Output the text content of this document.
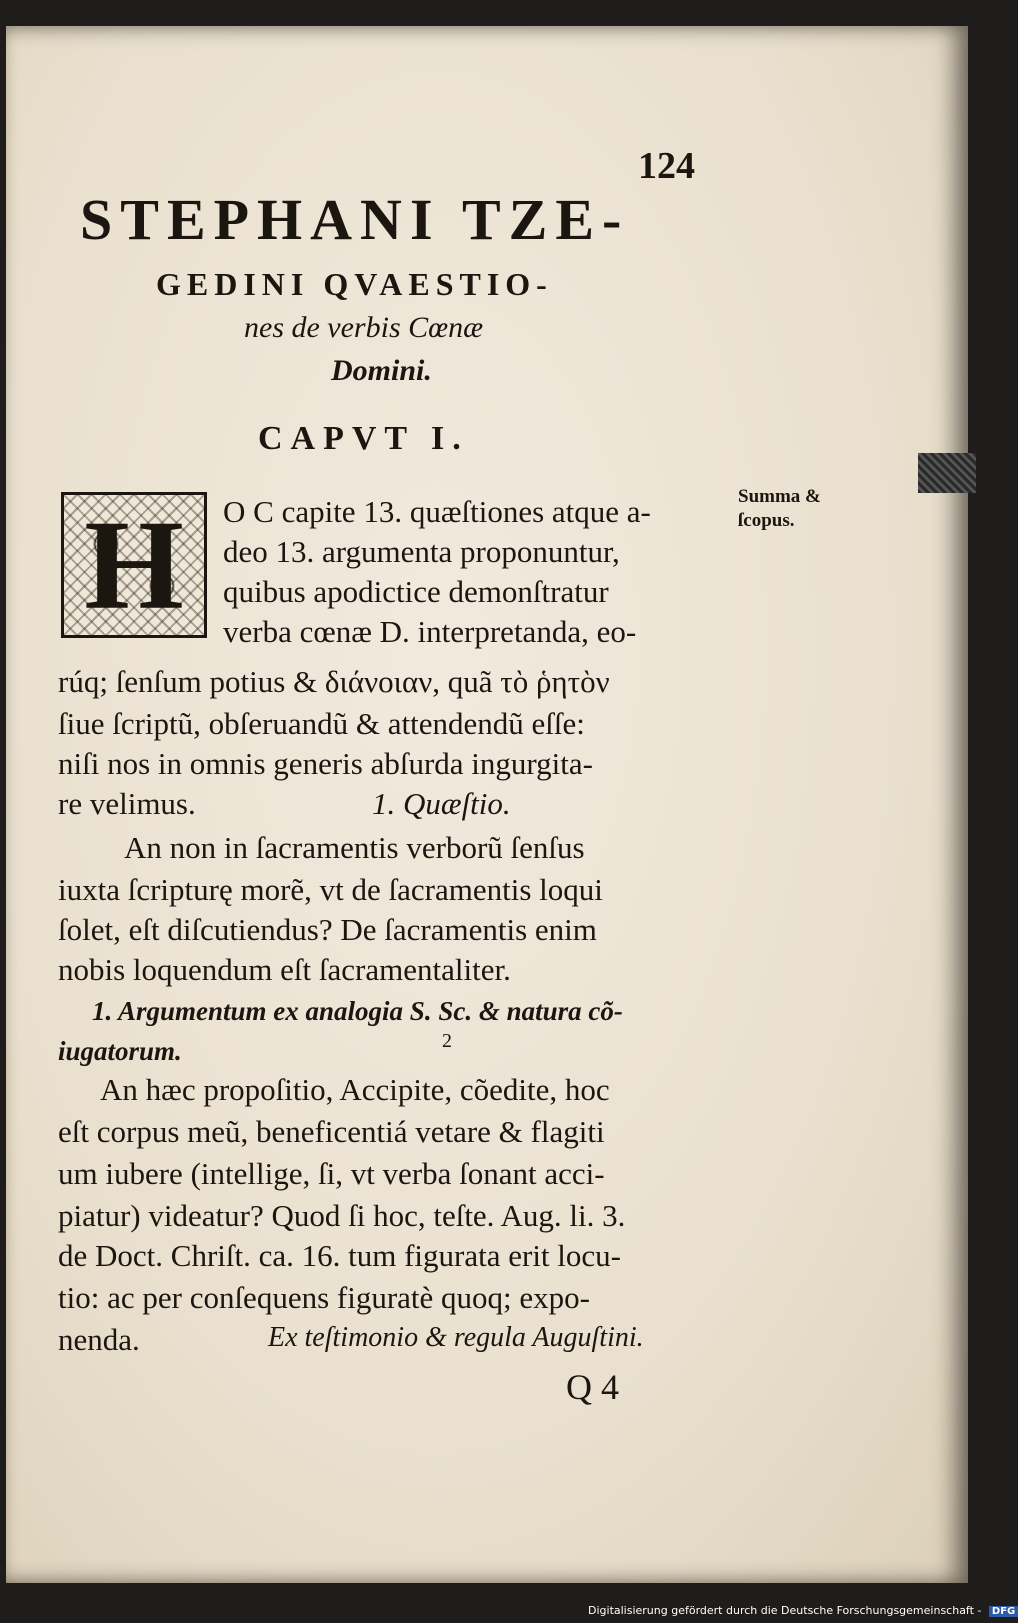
124

STEPHANI TZE-

GEDINI QVAESTIO-

nes de verbis Cœnæ

Domini.

CAPVT I.

H	O C capite 13. quæſtiones atque a-

deo 13. argumenta proponuntur,

quibus apodictice demonſtratur

verba cœnæ D. interpretanda, eo-

Summa &

ſcopus.

rúq; ſenſum potius & διάνοιαν, quã τὸ ῥητὸν

ſiue ſcriptũ, obſeruandũ & attendendũ eſſe:

niſi nos in omnis generis abſurda ingurgita-

re velimus.	1. Quæſtio.

An non in ſacramentis verborũ ſenſus

iuxta ſcripturę morẽ, vt de ſacramentis loqui

ſolet, eſt diſcutiendus? De ſacramentis enim

nobis loquendum eſt ſacramentaliter.

1. Argumentum ex analogia S. Sc. & natura cõ-

iugatorum.	2

An hæc propoſitio, Accipite, cõedite, hoc

eſt corpus meũ, beneficentiá vetare & flagiti

um iubere (intellige, ſi, vt verba ſonant acci-

piatur) videatur? Quod ſi hoc, teſte. Aug. li. 3.

de Doct. Chriſt. ca. 16. tum figurata erit locu-

tio: ac per conſequens figuratè quoq; expo-

nenda.	Ex teſtimonio & regula Auguſtini.

Q 4

Digitalisierung gefördert durch die Deutsche Forschungsgemeinschaft - DFG
